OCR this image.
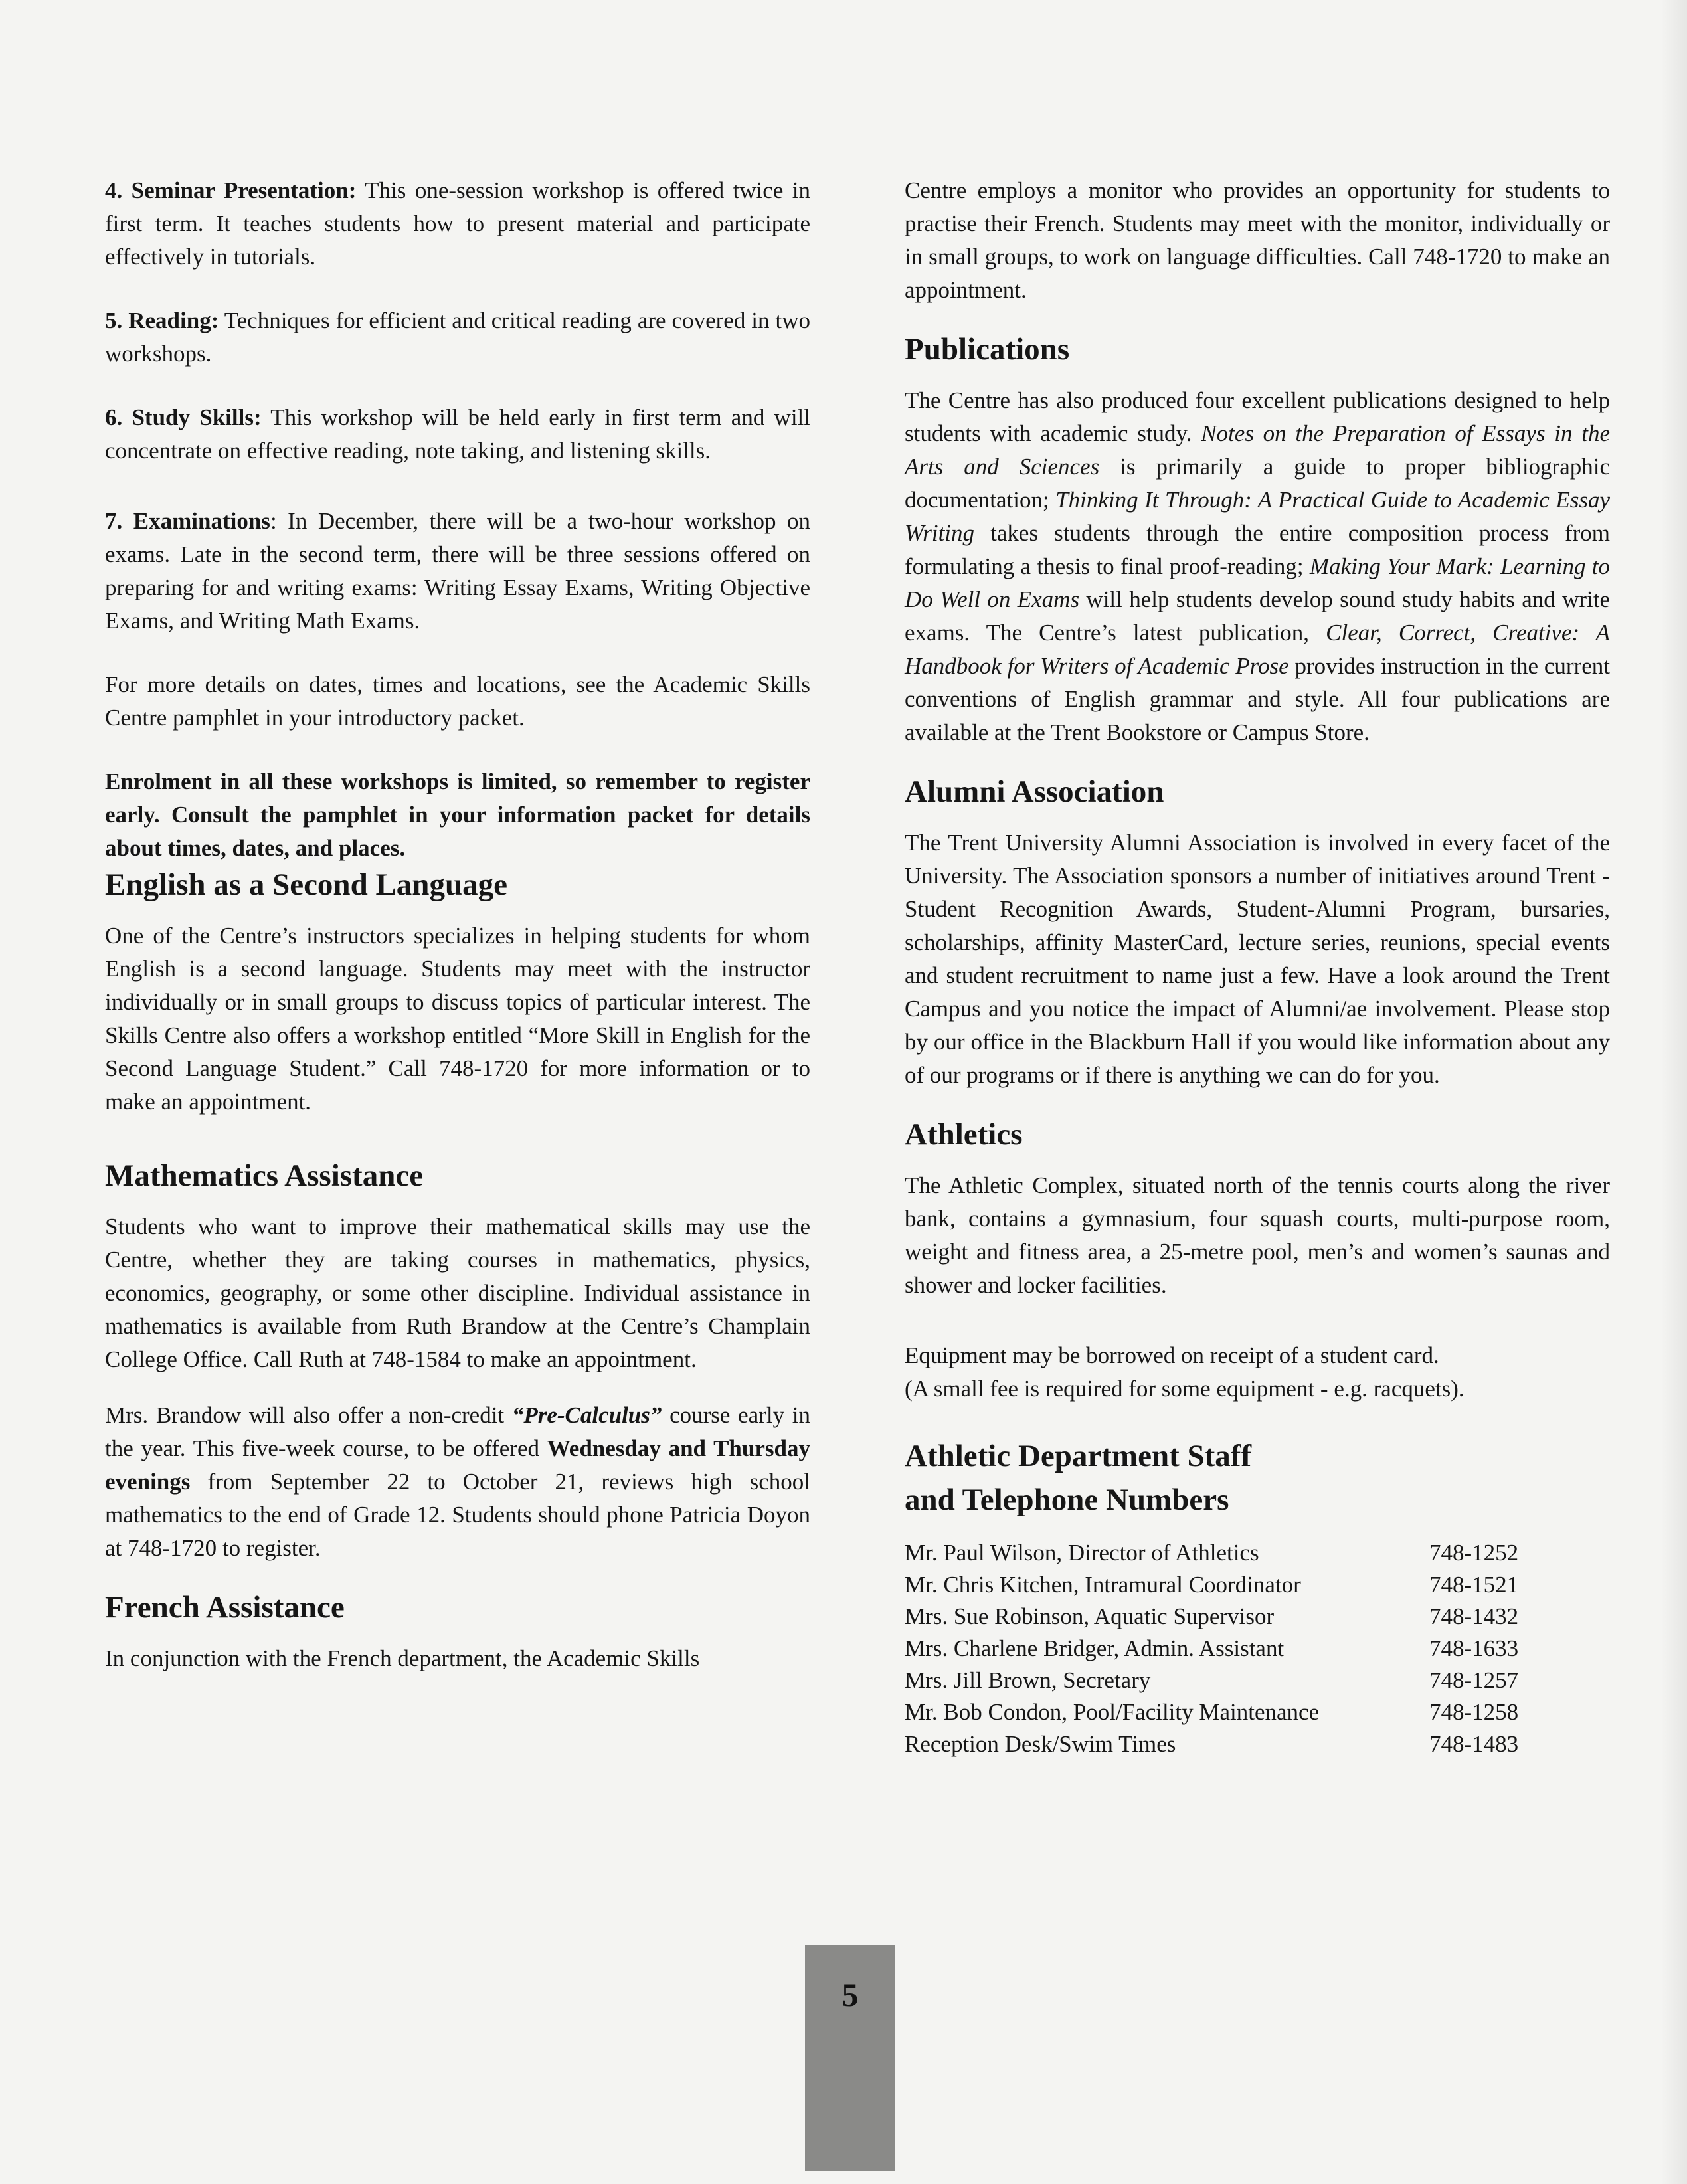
4. Seminar Presentation: This one-session workshop is offered twice in first term. It teaches students how to present material and participate effectively in tutorials.

5. Reading: Techniques for efficient and critical reading are covered in two workshops.

6. Study Skills: This workshop will be held early in first term and will concentrate on effective reading, note taking, and listening skills.

7. Examinations: In December, there will be a two-hour workshop on exams. Late in the second term, there will be three sessions offered on preparing for and writing exams: Writing Essay Exams, Writing Objective Exams, and Writing Math Exams.

For more details on dates, times and locations, see the Academic Skills Centre pamphlet in your introductory packet.

Enrolment in all these workshops is limited, so remember to register early. Consult the pamphlet in your information packet for details about times, dates, and places.

English as a Second Language

One of the Centre’s instructors specializes in helping students for whom English is a second language. Students may meet with the instructor individually or in small groups to discuss topics of particular interest. The Skills Centre also offers a workshop entitled “More Skill in English for the Second Language Student.” Call 748-1720 for more information or to make an appointment.

Mathematics Assistance

Students who want to improve their mathematical skills may use the Centre, whether they are taking courses in mathematics, physics, economics, geography, or some other discipline. Individual assistance in mathematics is available from Ruth Brandow at the Centre’s Champlain College Office. Call Ruth at 748-1584 to make an appointment.

Mrs. Brandow will also offer a non-credit “Pre-Calculus” course early in the year. This five-week course, to be offered Wednesday and Thursday evenings from September 22 to October 21, reviews high school mathematics to the end of Grade 12. Students should phone Patricia Doyon at 748-1720 to register.

French Assistance

In conjunction with the French department, the Academic Skills

Centre employs a monitor who provides an opportunity for students to practise their French. Students may meet with the monitor, individually or in small groups, to work on language difficulties. Call 748-1720 to make an appointment.

Publications

The Centre has also produced four excellent publications designed to help students with academic study. Notes on the Preparation of Essays in the Arts and Sciences is primarily a guide to proper bibliographic documentation; Thinking It Through: A Practical Guide to Academic Essay Writing takes students through the entire composition process from formulating a thesis to final proof-reading; Making Your Mark: Learning to Do Well on Exams will help students develop sound study habits and write exams. The Centre’s latest publication, Clear, Correct, Creative: A Handbook for Writers of Academic Prose provides instruction in the current conventions of English grammar and style. All four publications are available at the Trent Bookstore or Campus Store.

Alumni Association

The Trent University Alumni Association is involved in every facet of the University. The Association sponsors a number of initiatives around Trent - Student Recognition Awards, Student-Alumni Program, bursaries, scholarships, affinity MasterCard, lecture series, reunions, special events and student recruitment to name just a few. Have a look around the Trent Campus and you notice the impact of Alumni/ae involvement. Please stop by our office in the Blackburn Hall if you would like information about any of our programs or if there is anything we can do for you.

Athletics

The Athletic Complex, situated north of the tennis courts along the river bank, contains a gymnasium, four squash courts, multi-purpose room, weight and fitness area, a 25-metre pool, men’s and women’s saunas and shower and locker facilities.

Equipment may be borrowed on receipt of a student card.

(A small fee is required for some equipment - e.g. racquets).

Athletic Department Staff
and Telephone Numbers
Mr. Paul Wilson, Director of Athletics	748-1252
Mr. Chris Kitchen, Intramural Coordinator	748-1521
Mrs. Sue Robinson, Aquatic Supervisor	748-1432
Mrs. Charlene Bridger, Admin. Assistant	748-1633
Mrs. Jill Brown, Secretary	748-1257
Mr. Bob Condon, Pool/Facility Maintenance	748-1258
Reception Desk/Swim Times	748-1483
5
